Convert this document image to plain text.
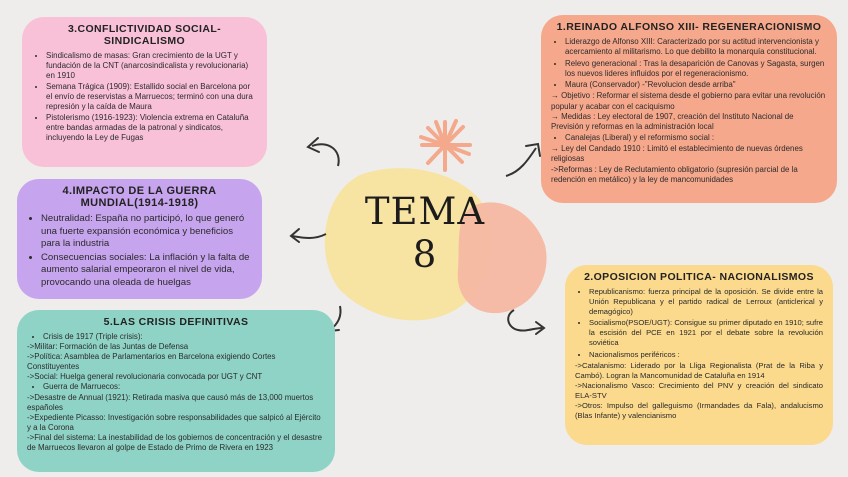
TEMA 8
3.CONFLICTIVIDAD SOCIAL- SINDICALISMO
• Sindicalismo de masas: Gran crecimiento de la UGT y fundación de la CNT (anarcosindicalista y revolucionaria) en 1910
• Semana Trágica (1909): Estallido social en Barcelona por el envío de reservistas a Marruecos; terminó con una dura represión y la caída de Maura
• Pistolerismo (1916-1923): Violencia extrema en Cataluña entre bandas armadas de la patronal y sindicatos, incluyendo la Ley de Fugas
4.IMPACTO DE LA GUERRA MUNDIAL(1914-1918)
• Neutralidad: España no participó, lo que generó una fuerte expansión económica y beneficios para la industria
• Consecuencias sociales: La inflación y la falta de aumento salarial empeoraron el nivel de vida, provocando una oleada de huelgas
5.LAS CRISIS DEFINITIVAS
• Crisis de 1917 (Triple crisis):

->Militar: Formación de las Juntas de Defensa

->Política: Asamblea de Parlamentarios en Barcelona exigiendo Cortes Constituyentes

->Social: Huelga general revolucionaria convocada por UGT y CNT

• Guerra de Marruecos:

->Desastre de Annual (1921): Retirada masiva que causó más de 13,000 muertos españoles

->Expediente Picasso: Investigación sobre responsabilidades que salpicó al Ejército y a la Corona

->Final del sistema: La inestabilidad de los gobiernos de concentración y el desastre de Marruecos llevaron al golpe de Estado de Primo de Rivera en 1923

1.REINADO ALFONSO XIII- REGENERACIONISMO
• Liderazgo de Alfonso XIII: Caracterizado por su actitud intervencionista y acercamiento al militarismo. Lo que debilito la monarquía constitucional.
• Relevo generacional : Tras la desaparición de Canovas y Sagasta, surgen los nuevos lideres influidos por el regeneracionismo.
• Maura (Conservador) -"Revolucion desde arriba"

→ Objetivo : Reformar el sistema desde el gobierno para evitar una revolución popular y acabar con el caciquismo

→ Medidas : Ley electoral de 1907, creación del Instituto Nacional de Previsión y reformas en la administración local

• Canalejas (Liberal) y el reformismo social :

→ Ley del Candado 1910 : Limitó el establecimiento de nuevas órdenes religiosas

->Reformas : Ley de Reclutamiento obligatorio (supresión parcial de la redención en metálico) y la ley de mancomunidades

2.OPOSICION POLITICA- NACIONALISMOS
• Republicanismo: fuerza principal de la oposición. Se divide entre la Unión Republicana y el partido radical de Lerroux (anticlerical y demagógico)
• Socialismo(PSOE/UGT): Consigue su primer diputado en 1910; sufre la escisión del PCE en 1921 por el debate sobre la revolución soviética
• Nacionalismos periféricos :

->Catalanismo: Liderado por la Lliga Regionalista (Prat de la Riba y Cambó). Logran la Mancomunidad de Cataluña en 1914

->Nacionalismo Vasco: Crecimiento del PNV y creación del sindicato ELA-STV

->Otros: Impulso del galleguismo (Irmandades da Fala), andalucismo (Blas Infante) y valencianismo
